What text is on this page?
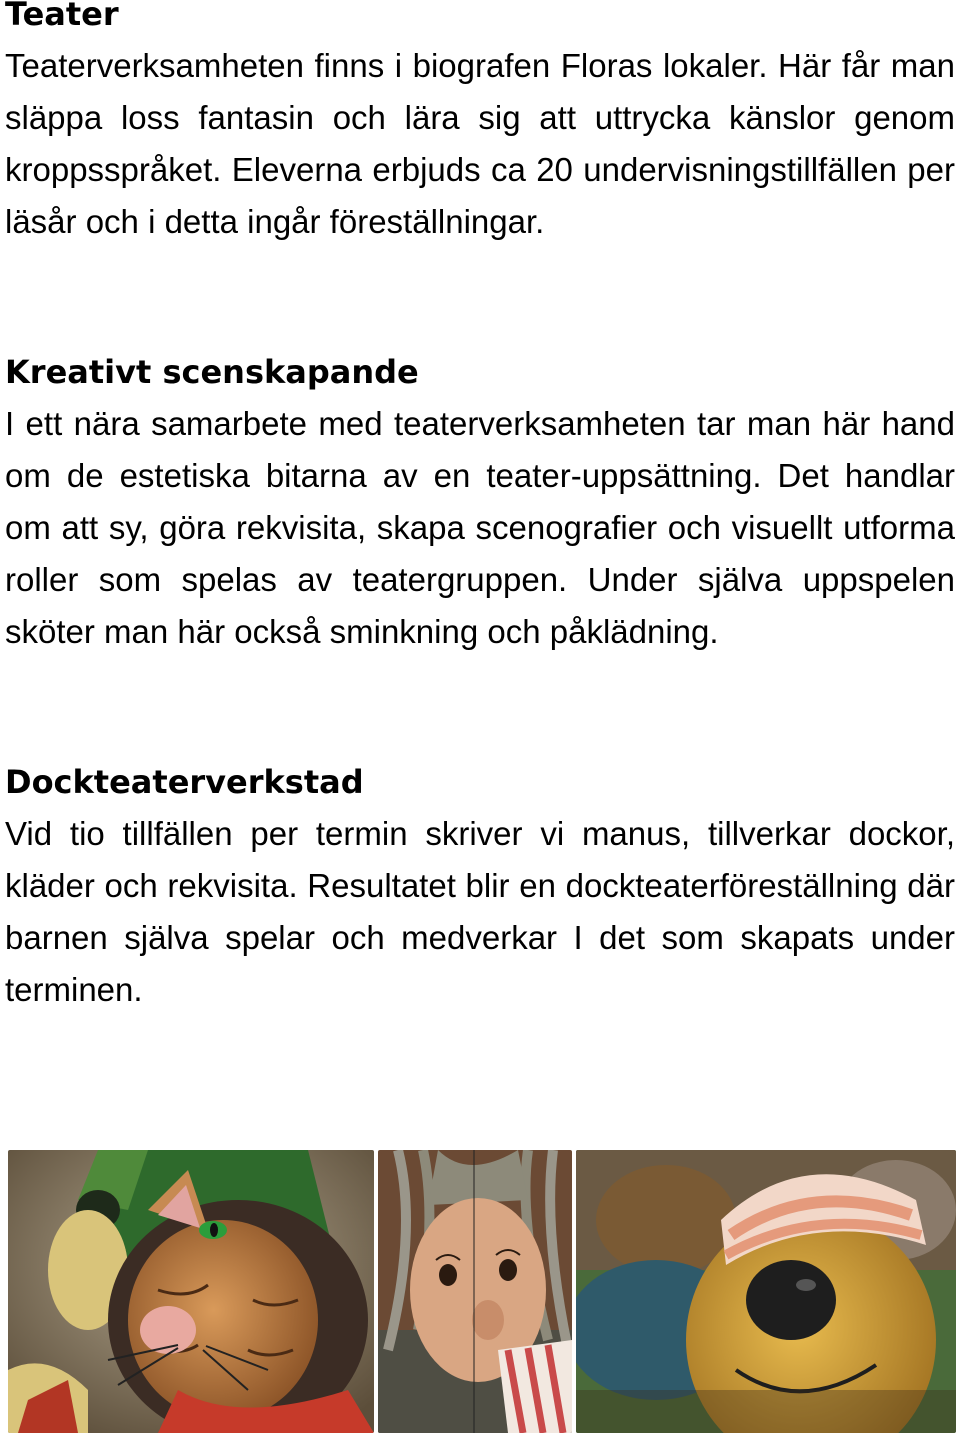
Teater

Teaterverksamheten finns i biografen Floras lokaler. Här får man släppa loss fantasin och lära sig att uttrycka känslor genom kroppsspråket. Eleverna erbjuds ca 20 undervisningstillfällen per läsår och i detta ingår föreställningar.

Kreativt scenskapande

I ett nära samarbete med teaterverksamheten tar man här hand om de estetiska bitarna av en teater-uppsättning. Det handlar om att sy, göra rekvisita, skapa scenografier och visuellt utforma roller som spelas av teatergruppen. Under själva uppspelen sköter man här också sminkning och påklädning.

Dockteaterverkstad

Vid tio tillfällen per termin skriver vi manus, tillverkar dockor, kläder och rekvisita. Resultatet blir en dockteaterföreställning där barnen själva spelar och medverkar I det som skapats under terminen.
